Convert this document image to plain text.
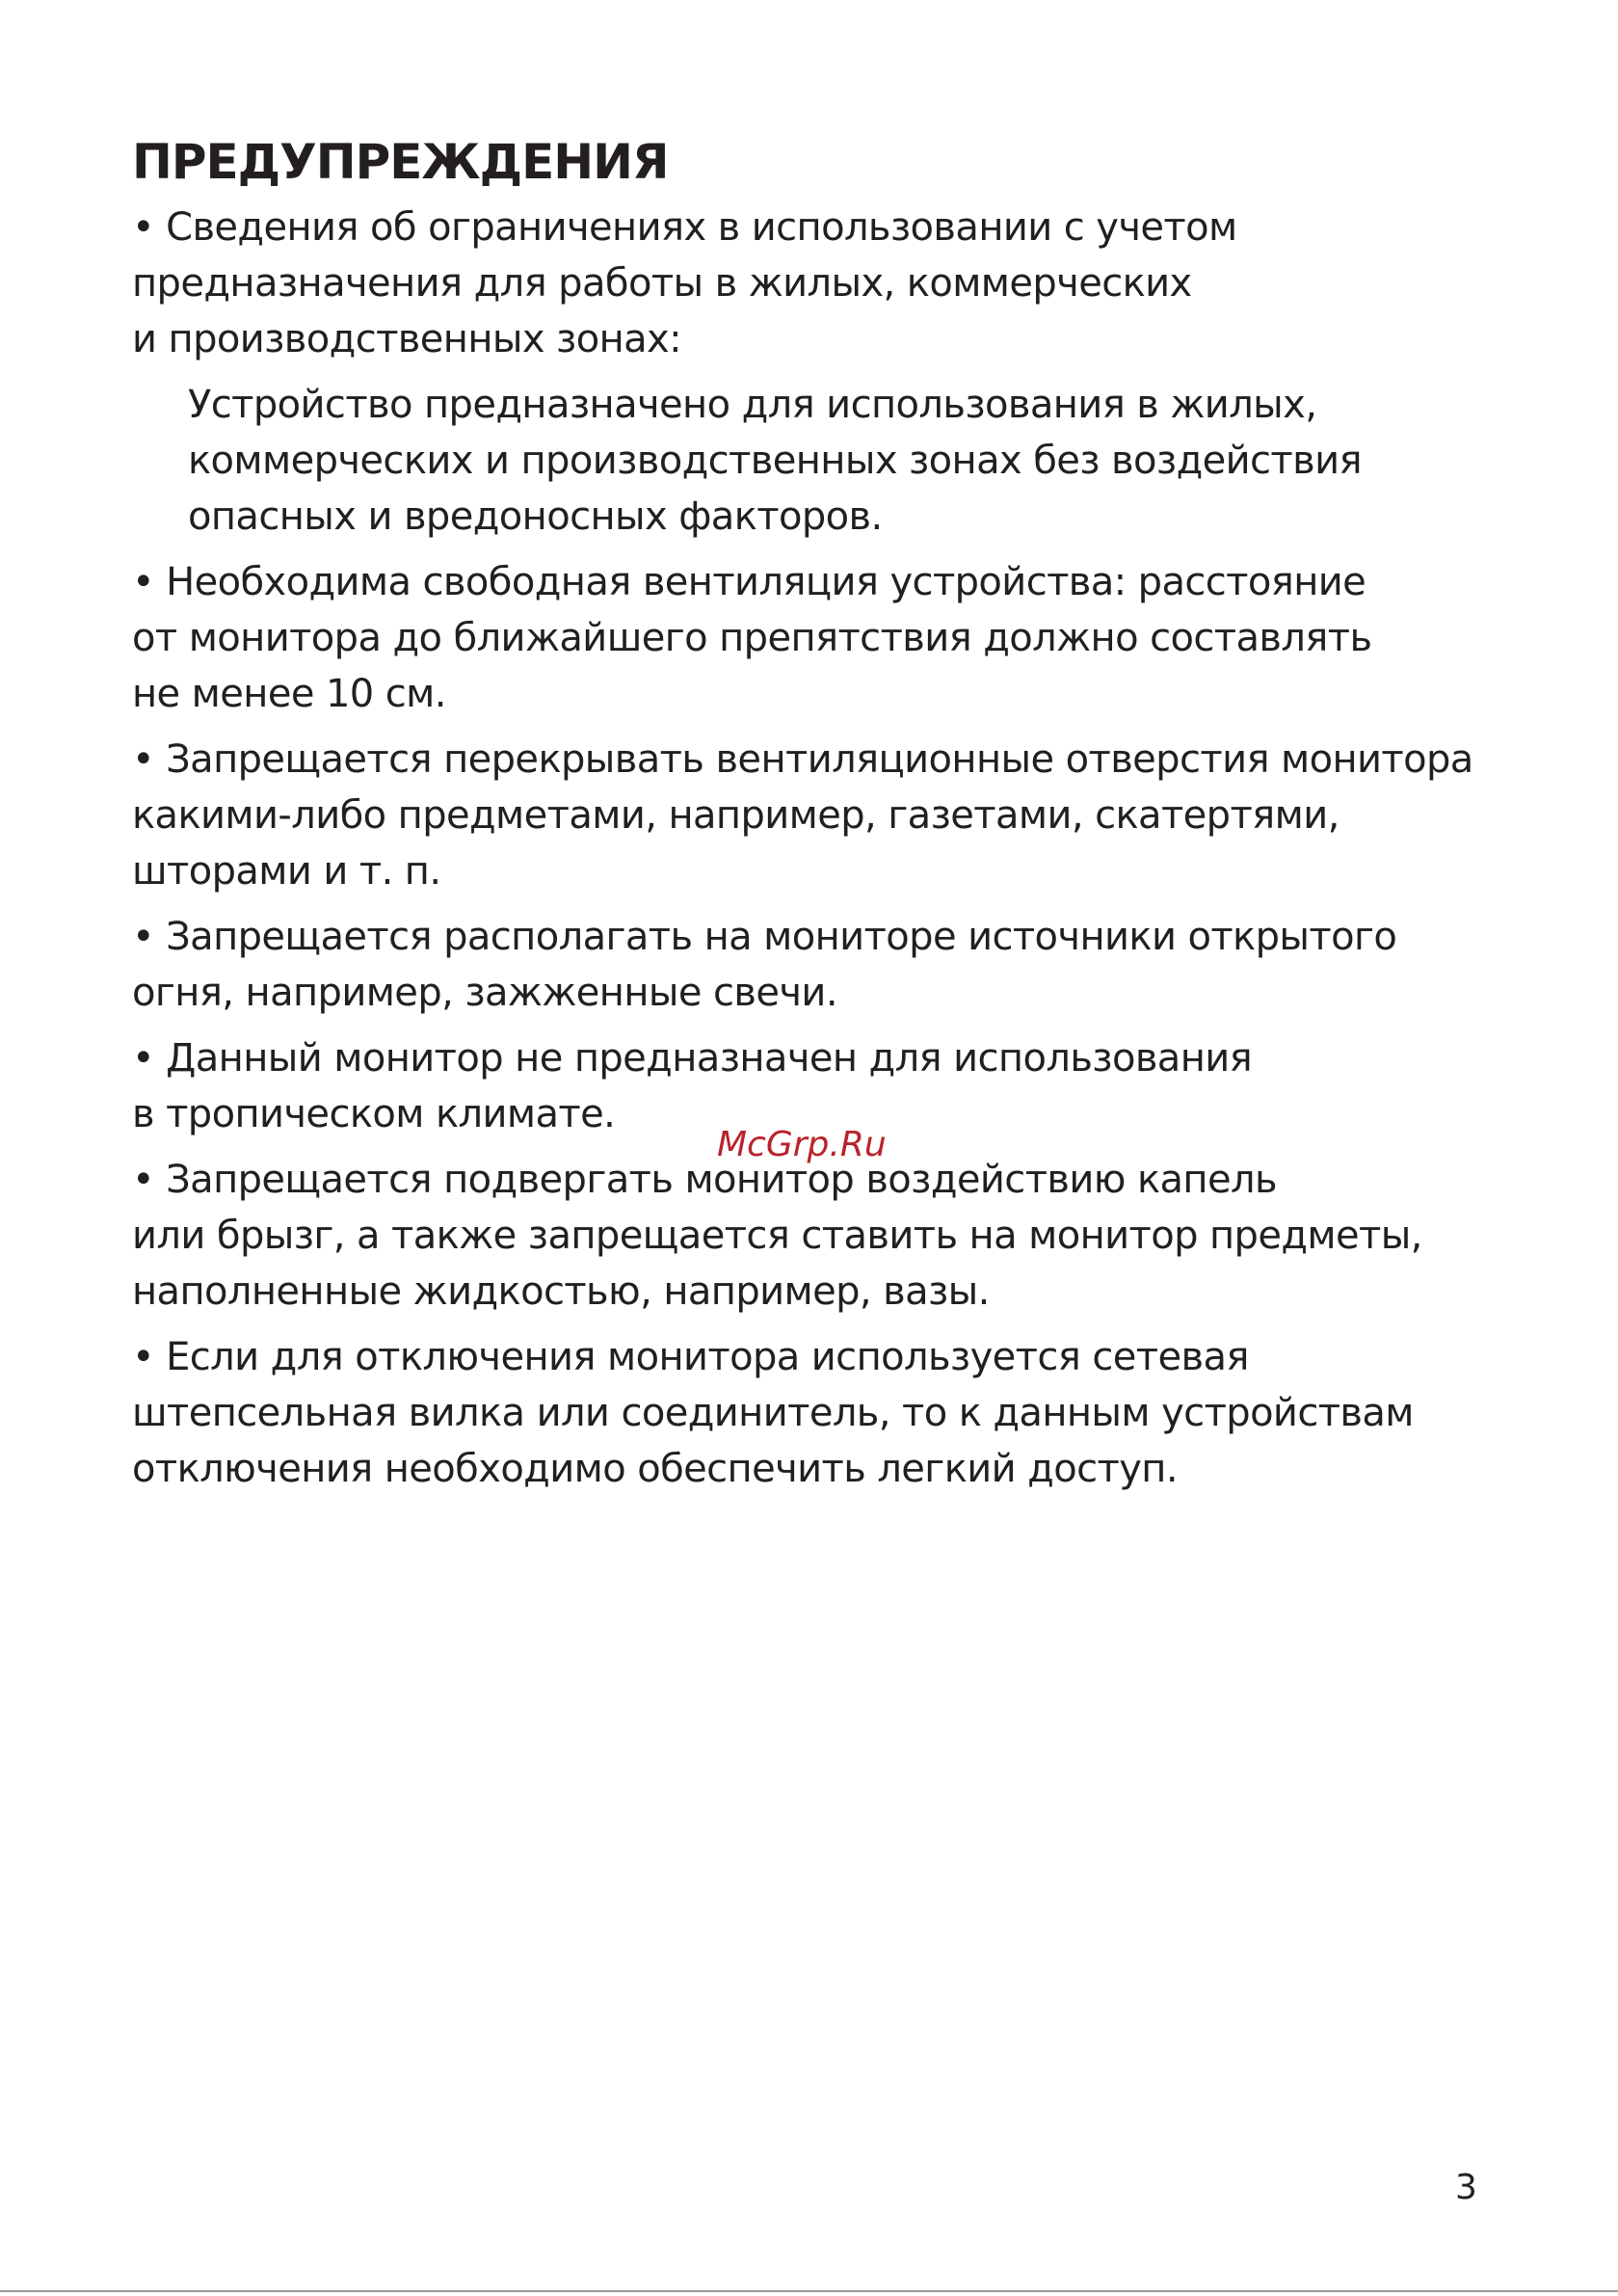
ПРЕДУПРЕЖДЕНИЯ

• Сведения об ограничениях в использовании с учетом
предназначения для работы в жилых, коммерческих
и производственных зонах:

Устройство предназначено для использования в жилых,
коммерческих и производственных зонах без воздействия
опасных и вредоносных факторов.

• Необходима свободная вентиляция устройства: расстояние
от монитора до ближайшего препятствия должно составлять
не менее 10 см.

• Запрещается перекрывать вентиляционные отверстия монитора
какими-либо предметами, например, газетами, скатертями,
шторами и т. п.

• Запрещается располагать на мониторе источники открытого
огня, например, зажженные свечи.

• Данный монитор не предназначен для использования
в тропическом климате.

• Запрещается подвергать монитор воздействию капель
или брызг, а также запрещается ставить на монитор предметы,
наполненные жидкостью, например, вазы.

• Если для отключения монитора используется сетевая
штепсельная вилка или соединитель, то к данным устройствам
отключения необходимо обеспечить легкий доступ.

McGrp.Ru
3
